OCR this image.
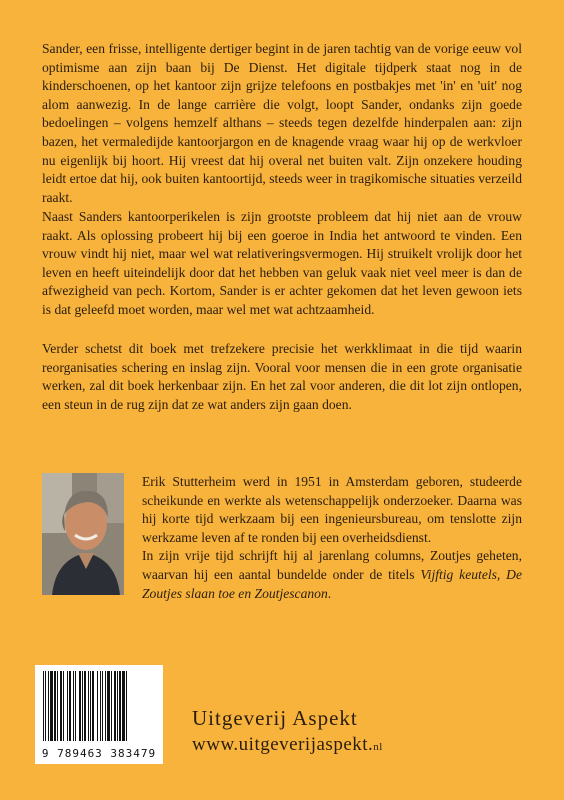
Sander, een frisse, intelligente dertiger begint in de jaren tachtig van de vorige eeuw vol optimisme aan zijn baan bij De Dienst. Het digitale tijdperk staat nog in de kinderschoenen, op het kantoor zijn grijze telefoons en postbakjes met 'in' en 'uit' nog alom aanwezig. In de lange carrière die volgt, loopt Sander, ondanks zijn goede bedoelingen – volgens hemzelf althans – steeds tegen dezelfde hinderpalen aan: zijn bazen, het vermaledijde kantoorjargon en de knagende vraag waar hij op de werkvloer nu eigenlijk bij hoort. Hij vreest dat hij overal net buiten valt. Zijn onzekere houding leidt ertoe dat hij, ook buiten kantoortijd, steeds weer in tragikomische situaties verzeild raakt.

Naast Sanders kantoorperikelen is zijn grootste probleem dat hij niet aan de vrouw raakt. Als oplossing probeert hij bij een goeroe in India het antwoord te vinden. Een vrouw vindt hij niet, maar wel wat relativeringsvermogen. Hij struikelt vrolijk door het leven en heeft uiteindelijk door dat het hebben van geluk vaak niet veel meer is dan de afwezigheid van pech. Kortom, Sander is er achter gekomen dat het leven gewoon iets is dat geleefd moet worden, maar wel met wat achtzaamheid.

Verder schetst dit boek met trefzekere precisie het werkklimaat in die tijd waarin reorganisaties schering en inslag zijn. Vooral voor mensen die in een grote organisatie werken, zal dit boek herkenbaar zijn. En het zal voor anderen, die dit lot zijn ontlopen, een steun in de rug zijn dat ze wat anders zijn gaan doen.

Erik Stutterheim werd in 1951 in Amsterdam geboren, studeerde scheikunde en werkte als wetenschappelijk onderzoeker. Daarna was hij korte tijd werkzaam bij een ingenieursbureau, om tenslotte zijn werkzame leven af te ronden bij een overheidsdienst.

In zijn vrije tijd schrijft hij al jarenlang columns, Zoutjes geheten, waarvan hij een aantal bundelde onder de titels Vijftig keutels, De Zoutjes slaan toe en Zoutjescanon.

9 789463 383479
Uitgeverij Aspekt
www.uitgeverijaspekt.nl
